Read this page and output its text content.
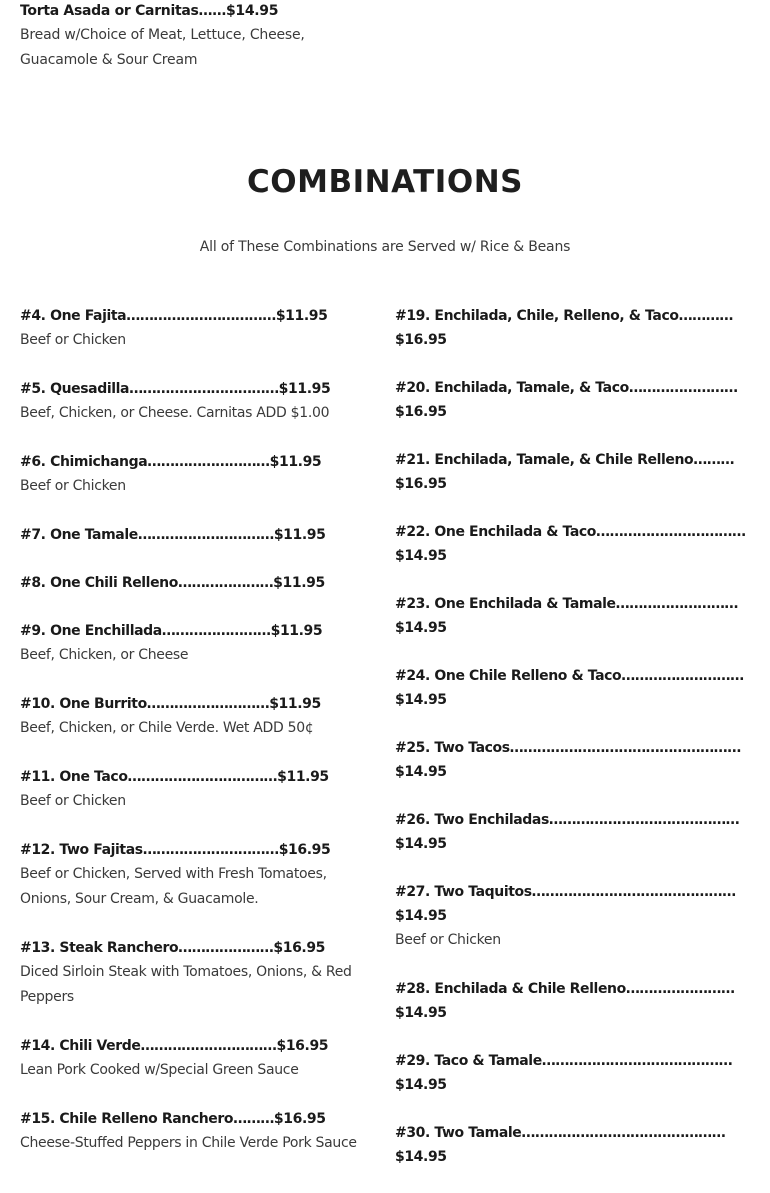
Torta Asada or Carnitas……$14.95

Bread w/Choice of Meat, Lettuce, Cheese, Guacamole & Sour Cream

COMBINATIONS

All of These Combinations are Served w/ Rice & Beans

#4. One Fajita……………………………$11.95

Beef or Chicken

#5. Quesadilla……………………………$11.95

Beef, Chicken, or Cheese. Carnitas ADD $1.00

#6. Chimichanga………………………$11.95

Beef or Chicken

#7. One Tamale…………………………$11.95

#8. One Chili Relleno…………………$11.95

#9. One Enchillada……………………$11.95

Beef, Chicken, or Cheese

#10. One Burrito………………………$11.95

Beef, Chicken, or Chile Verde. Wet ADD 50¢

#11. One Taco……………………………$11.95

Beef or Chicken

#12. Two Fajitas…………………………$16.95

Beef or Chicken, Served with Fresh Tomatoes, Onions, Sour Cream, & Guacamole.

#13. Steak Ranchero…………………$16.95

Diced Sirloin Steak with Tomatoes, Onions, & Red Peppers

#14. Chili Verde…………………………$16.95

Lean Pork Cooked w/Special Green Sauce

#15. Chile Relleno Ranchero………$16.95

Cheese-Stuffed Peppers in Chile Verde Pork Sauce

#19. Enchilada, Chile, Relleno, & Taco…………$16.95

#20. Enchilada, Tamale, & Taco……………………$16.95

#21. Enchilada, Tamale, & Chile Relleno………$16.95

#22. One Enchilada & Taco…………………………… $14.95

#23. One Enchilada & Tamale………………………$14.95

#24. One Chile Relleno & Taco………………………$14.95

#25. Two Tacos……………………………………………$14.95

#26. Two Enchiladas……………………………………$14.95

#27. Two Taquitos………………………………………$14.95

Beef or Chicken

#28. Enchilada & Chile Relleno……………………$14.95

#29. Taco & Tamale……………………………………$14.95

#30. Two Tamale………………………………………$14.95
